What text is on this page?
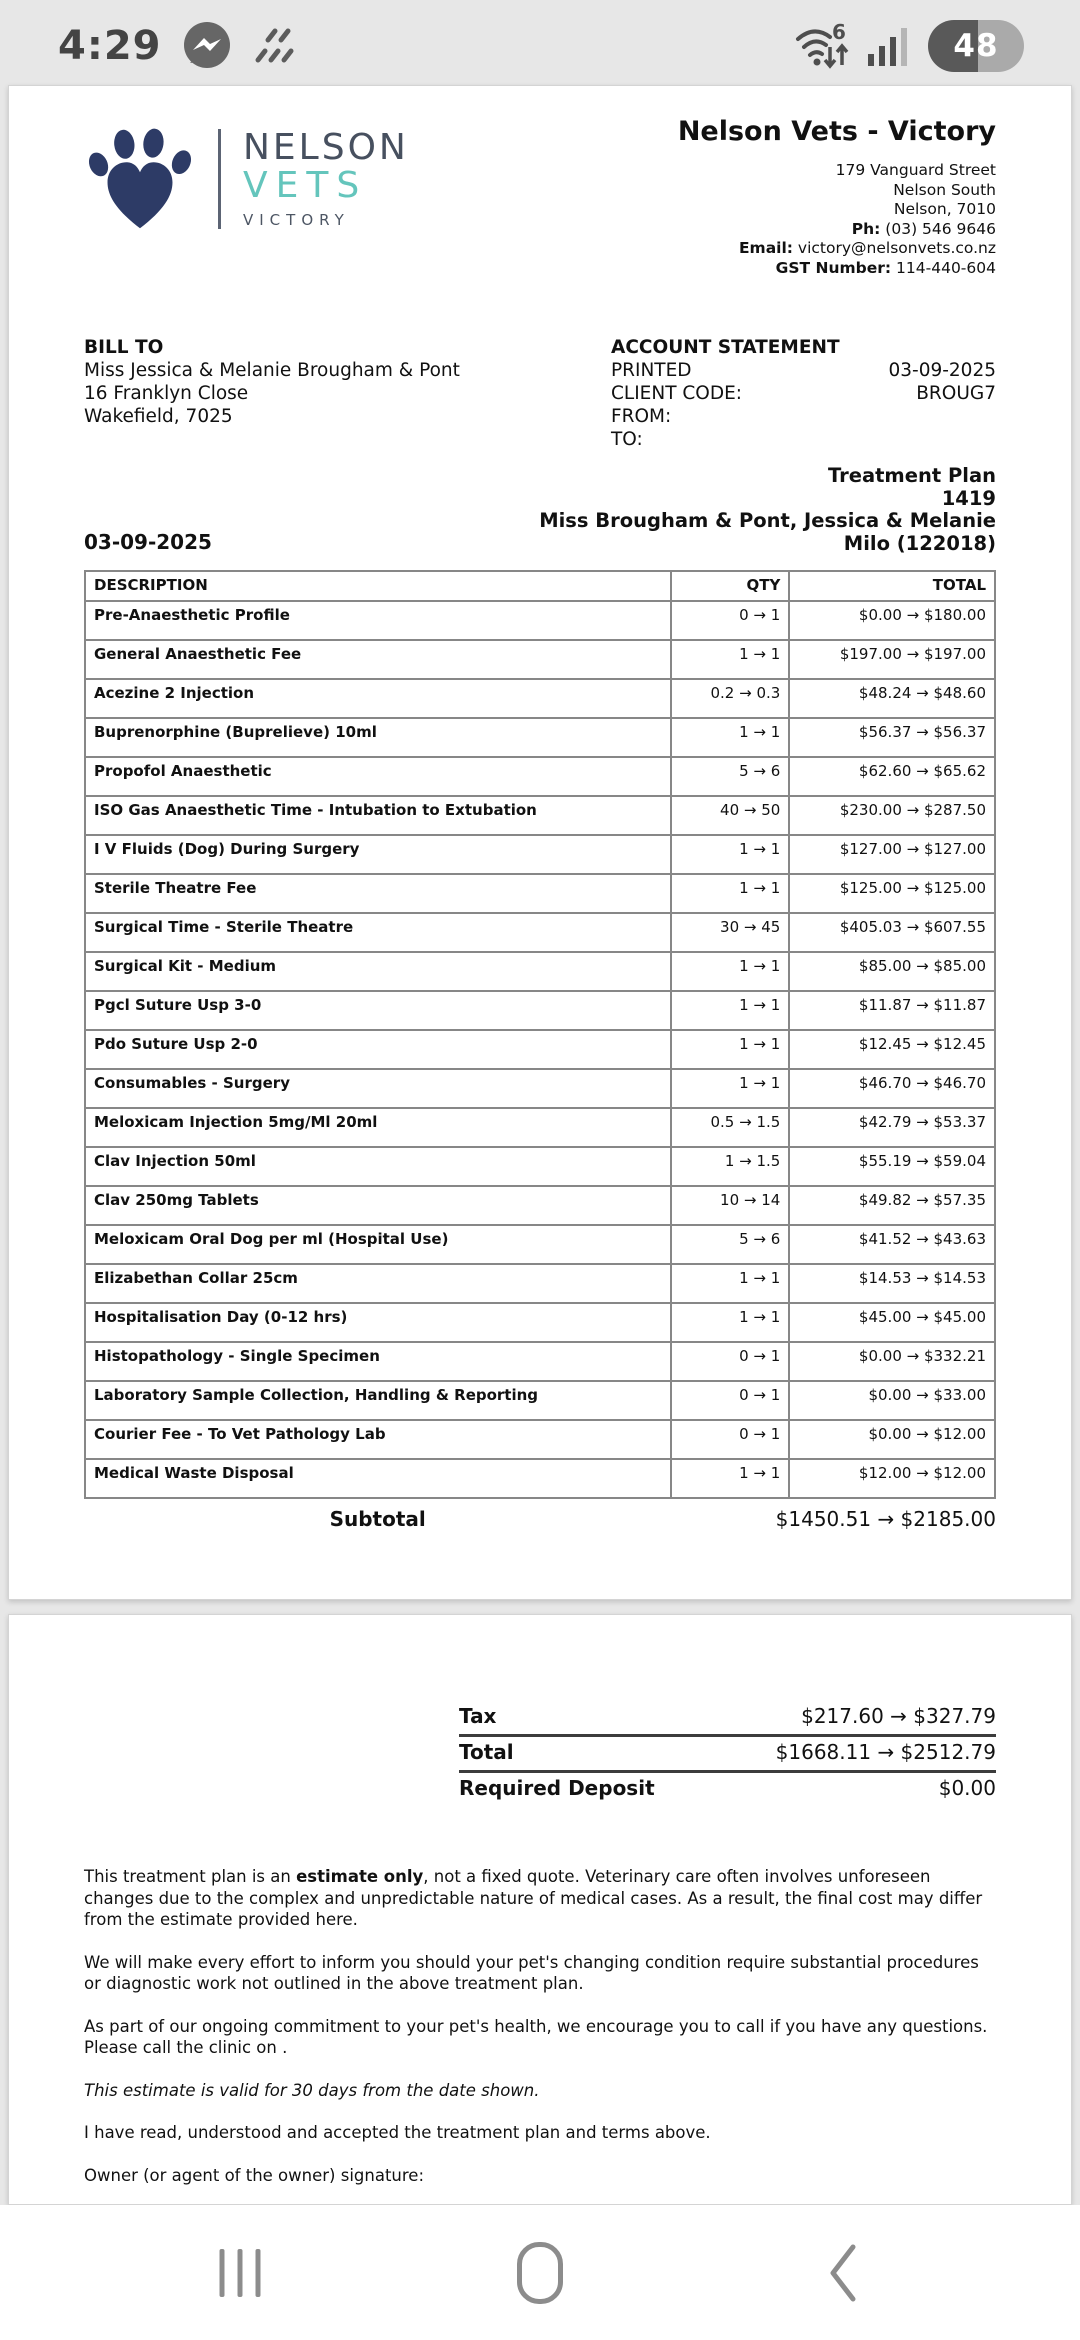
4:29	6	48
NELSON
VETS
VICTORY
Nelson Vets - Victory
179 Vanguard Street
Nelson South
Nelson, 7010
Ph: (03) 546 9646
Email: victory@nelsonvets.co.nz
GST Number: 114-440-604
BILL TO
Miss Jessica & Melanie Brougham & Pont
16 Franklyn Close
Wakefield, 7025
ACCOUNT STATEMENT
PRINTED	03-09-2025
CLIENT CODE:	BROUG7
FROM:
TO:
03-09-2025
Treatment Plan
1419
Miss Brougham & Pont, Jessica & Melanie
Milo (122018)
DESCRIPTION	QTY	TOTAL
Pre-Anaesthetic Profile	0 → 1	$0.00 → $180.00
General Anaesthetic Fee	1 → 1	$197.00 → $197.00
Acezine 2 Injection	0.2 → 0.3	$48.24 → $48.60
Buprenorphine (Buprelieve) 10ml	1 → 1	$56.37 → $56.37
Propofol Anaesthetic	5 → 6	$62.60 → $65.62
ISO Gas Anaesthetic Time - Intubation to Extubation	40 → 50	$230.00 → $287.50
I V Fluids (Dog) During Surgery	1 → 1	$127.00 → $127.00
Sterile Theatre Fee	1 → 1	$125.00 → $125.00
Surgical Time - Sterile Theatre	30 → 45	$405.03 → $607.55
Surgical Kit - Medium	1 → 1	$85.00 → $85.00
Pgcl Suture Usp 3-0	1 → 1	$11.87 → $11.87
Pdo Suture Usp 2-0	1 → 1	$12.45 → $12.45
Consumables - Surgery	1 → 1	$46.70 → $46.70
Meloxicam Injection 5mg/Ml 20ml	0.5 → 1.5	$42.79 → $53.37
Clav Injection 50ml	1 → 1.5	$55.19 → $59.04
Clav 250mg Tablets	10 → 14	$49.82 → $57.35
Meloxicam Oral Dog per ml (Hospital Use)	5 → 6	$41.52 → $43.63
Elizabethan Collar 25cm	1 → 1	$14.53 → $14.53
Hospitalisation Day (0-12 hrs)	1 → 1	$45.00 → $45.00
Histopathology - Single Specimen	0 → 1	$0.00 → $332.21
Laboratory Sample Collection, Handling & Reporting	0 → 1	$0.00 → $33.00
Courier Fee - To Vet Pathology Lab	0 → 1	$0.00 → $12.00
Medical Waste Disposal	1 → 1	$12.00 → $12.00
Subtotal	$1450.51 → $2185.00
Tax	$217.60 → $327.79
Total	$1668.11 → $2512.79
Required Deposit	$0.00

This treatment plan is an estimate only, not a fixed quote. Veterinary care often involves unforeseen changes due to the complex and unpredictable nature of medical cases. As a result, the final cost may differ from the estimate provided here.

We will make every effort to inform you should your pet's changing condition require substantial procedures or diagnostic work not outlined in the above treatment plan.

As part of our ongoing commitment to your pet's health, we encourage you to call if you have any questions. Please call the clinic on .

This estimate is valid for 30 days from the date shown.

I have read, understood and accepted the treatment plan and terms above.

Owner (or agent of the owner) signature:
